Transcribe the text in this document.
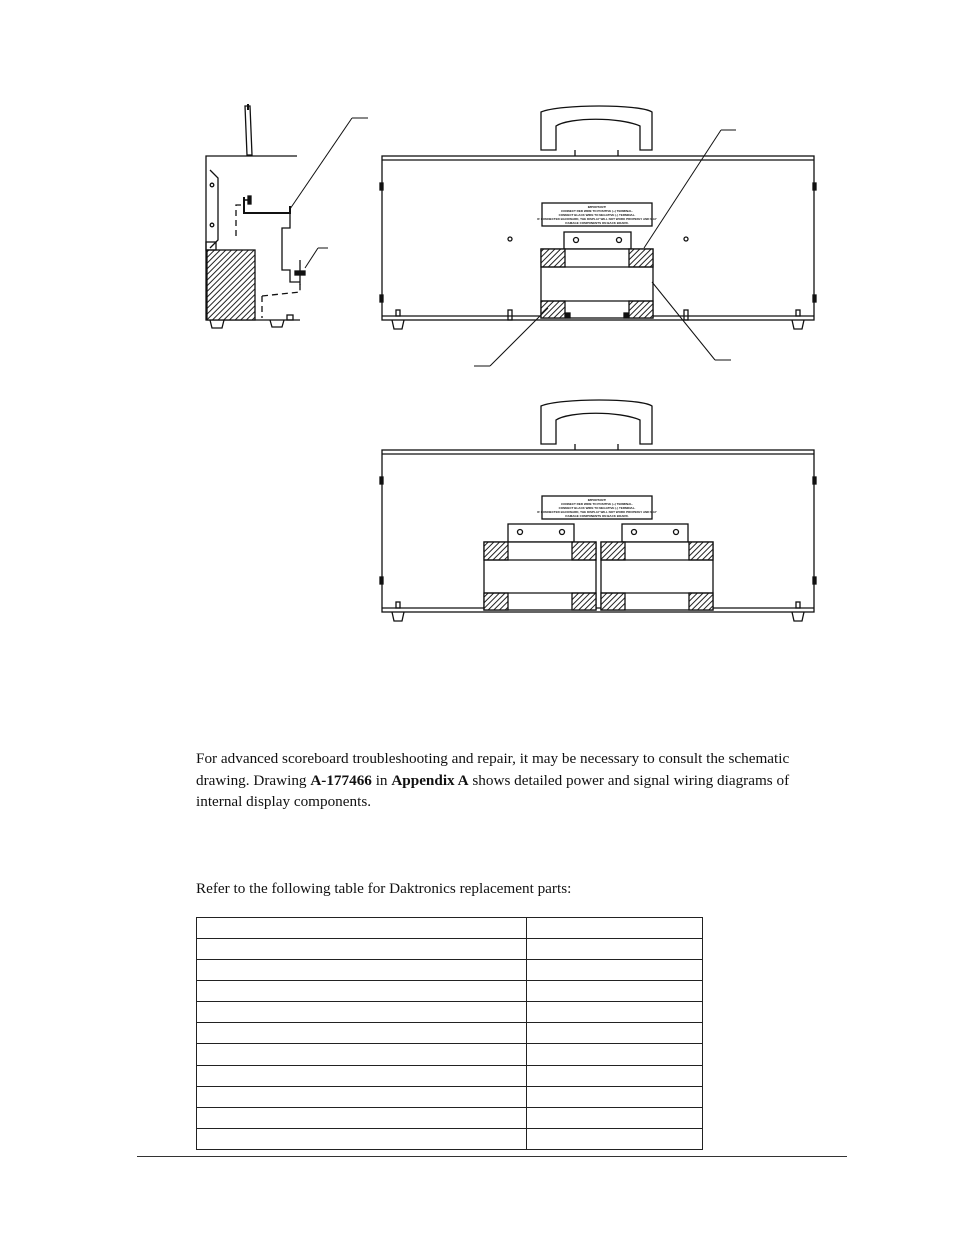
IMPORTANT!
CONNECT RED WIRE TO POSITIVE (+) TERMINAL.
CONNECT BLACK WIRE TO NEGATIVE (-) TERMINAL.
IF CONNECTED BACKWARD, THE DISPLAY WILL NOT WORK PROPERLY AND MAY
DAMAGE COMPONENTS ON BACK BOARD.
IMPORTANT!
CONNECT RED WIRE TO POSITIVE (+) TERMINAL.
CONNECT BLACK WIRE TO NEGATIVE (-) TERMINAL.
IF CONNECTED BACKWARD, THE DISPLAY WILL NOT WORK PROPERLY AND MAY
DAMAGE COMPONENTS ON BACK BOARD.

For advanced scoreboard troubleshooting and repair, it may be necessary to consult the schematic drawing. Drawing A-177466 in Appendix A shows detailed power and signal wiring diagrams of internal display components.

Refer to the following table for Daktronics replacement parts:
